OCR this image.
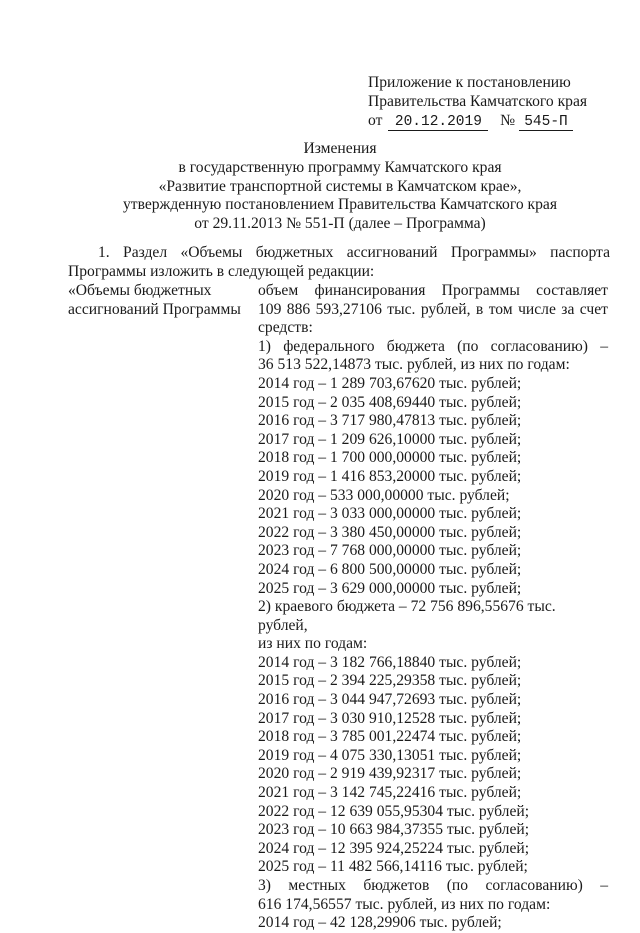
Приложение к постановлению
Правительства Камчатского края
от 20.12.2019 № 545-П
Изменения
в государственную программу Камчатского края
«Развитие транспортной системы в Камчатском крае»,
утвержденную постановлением Правительства Камчатского края
от 29.11.2013 № 551-П (далее – Программа)
1. Раздел «Объемы бюджетных ассигнований Программы» паспорта
Программы изложить в следующей редакции:
«Объемы бюджетных
ассигнований Программы
объем финансирования Программы составляет
109 886 593,27106 тыс. рублей, в том числе за счет
средств:
1) федерального бюджета (по согласованию) –
36 513 522,14873 тыс. рублей, из них по годам:
2014 год – 1 289 703,67620 тыс. рублей;
2015 год – 2 035 408,69440 тыс. рублей;
2016 год – 3 717 980,47813 тыс. рублей;
2017 год – 1 209 626,10000 тыс. рублей;
2018 год – 1 700 000,00000 тыс. рублей;
2019 год – 1 416 853,20000 тыс. рублей;
2020 год – 533 000,00000 тыс. рублей;
2021 год – 3 033 000,00000 тыс. рублей;
2022 год – 3 380 450,00000 тыс. рублей;
2023 год – 7 768 000,00000 тыс. рублей;
2024 год – 6 800 500,00000 тыс. рублей;
2025 год – 3 629 000,00000 тыс. рублей;
2) краевого бюджета – 72 756 896,55676 тыс. рублей,
из них по годам:
2014 год – 3 182 766,18840 тыс. рублей;
2015 год – 2 394 225,29358 тыс. рублей;
2016 год – 3 044 947,72693 тыс. рублей;
2017 год – 3 030 910,12528 тыс. рублей;
2018 год – 3 785 001,22474 тыс. рублей;
2019 год – 4 075 330,13051 тыс. рублей;
2020 год – 2 919 439,92317 тыс. рублей;
2021 год – 3 142 745,22416 тыс. рублей;
2022 год – 12 639 055,95304 тыс. рублей;
2023 год – 10 663 984,37355 тыс. рублей;
2024 год – 12 395 924,25224 тыс. рублей;
2025 год – 11 482 566,14116 тыс. рублей;
3) местных бюджетов (по согласованию) –
616 174,56557 тыс. рублей, из них по годам:
2014 год – 42 128,29906 тыс. рублей;
